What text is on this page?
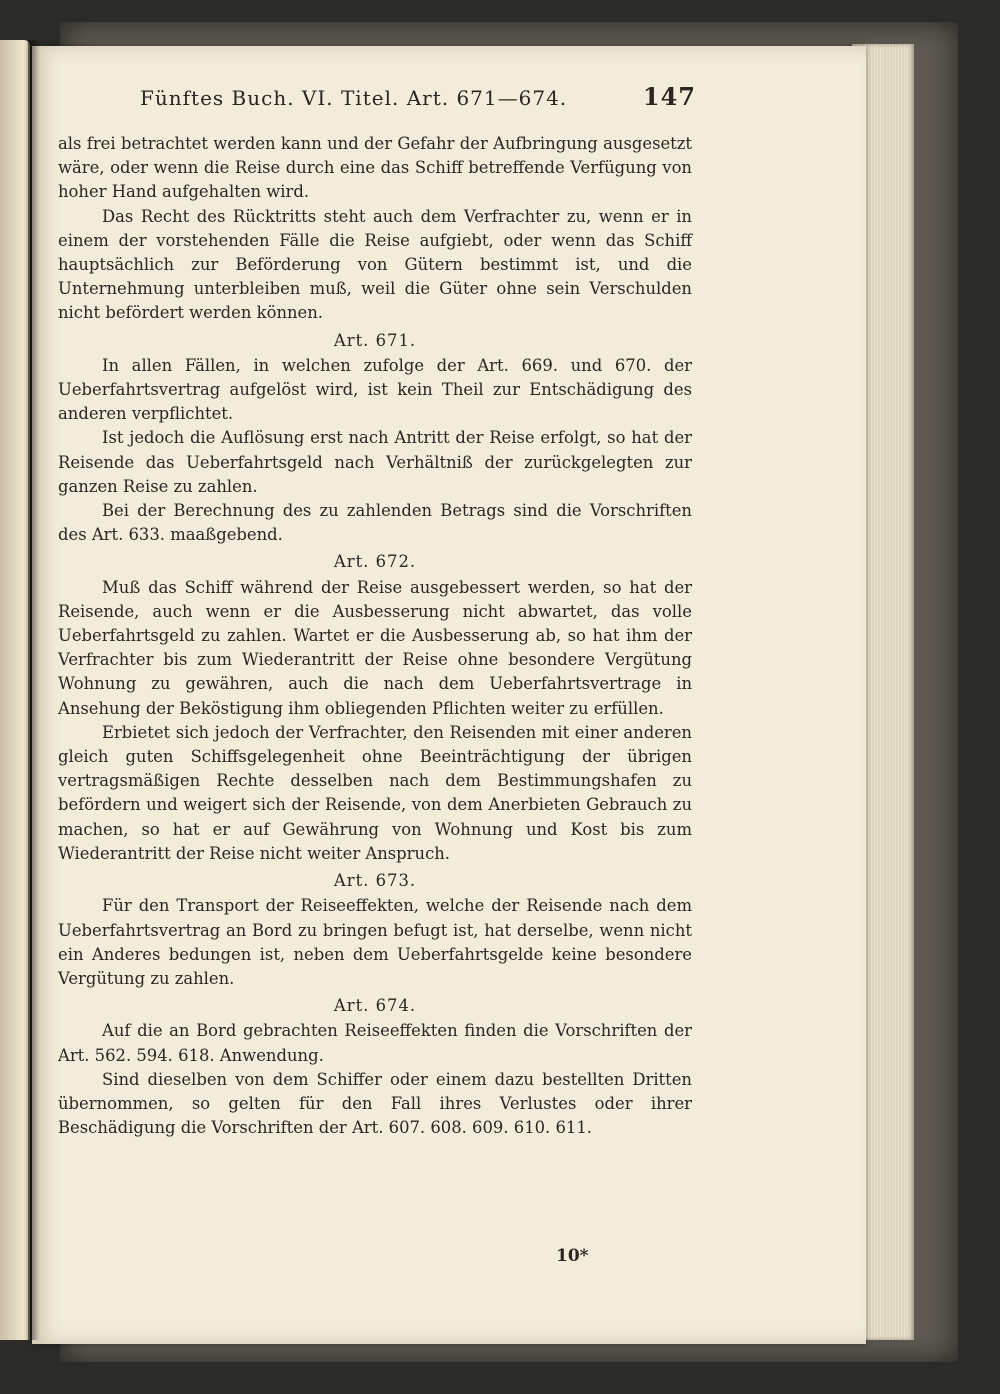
Fünftes Buch. VI. Titel. Art. 671—674.	147

als frei betrachtet werden kann und der Gefahr der Aufbringung ausgesetzt wäre, oder wenn die Reise durch eine das Schiff betreffende Verfügung von hoher Hand aufgehalten wird.

Das Recht des Rücktritts steht auch dem Verfrachter zu, wenn er in einem der vorstehenden Fälle die Reise aufgiebt, oder wenn das Schiff hauptsächlich zur Beförderung von Gütern bestimmt ist, und die Unternehmung unterbleiben muß, weil die Güter ohne sein Verschulden nicht befördert werden können.

Art. 671.

In allen Fällen, in welchen zufolge der Art. 669. und 670. der Ueberfahrtsvertrag aufgelöst wird, ist kein Theil zur Entschädigung des anderen verpflichtet.

Ist jedoch die Auflösung erst nach Antritt der Reise erfolgt, so hat der Reisende das Ueberfahrtsgeld nach Verhältniß der zurückgelegten zur ganzen Reise zu zahlen.

Bei der Berechnung des zu zahlenden Betrags sind die Vorschriften des Art. 633. maaßgebend.

Art. 672.

Muß das Schiff während der Reise ausgebessert werden, so hat der Reisende, auch wenn er die Ausbesserung nicht abwartet, das volle Ueberfahrtsgeld zu zahlen. Wartet er die Ausbesserung ab, so hat ihm der Verfrachter bis zum Wiederantritt der Reise ohne besondere Vergütung Wohnung zu gewähren, auch die nach dem Ueberfahrtsvertrage in Ansehung der Beköstigung ihm obliegenden Pflichten weiter zu erfüllen.

Erbietet sich jedoch der Verfrachter, den Reisenden mit einer anderen gleich guten Schiffsgelegenheit ohne Beeinträchtigung der übrigen vertragsmäßigen Rechte desselben nach dem Bestimmungshafen zu befördern und weigert sich der Reisende, von dem Anerbieten Gebrauch zu machen, so hat er auf Gewährung von Wohnung und Kost bis zum Wiederantritt der Reise nicht weiter Anspruch.

Art. 673.

Für den Transport der Reiseeffekten, welche der Reisende nach dem Ueberfahrtsvertrag an Bord zu bringen befugt ist, hat derselbe, wenn nicht ein Anderes bedungen ist, neben dem Ueberfahrtsgelde keine besondere Vergütung zu zahlen.

Art. 674.

Auf die an Bord gebrachten Reiseeffekten finden die Vorschriften der Art. 562. 594. 618. Anwendung.

Sind dieselben von dem Schiffer oder einem dazu bestellten Dritten übernommen, so gelten für den Fall ihres Verlustes oder ihrer Beschädigung die Vorschriften der Art. 607. 608. 609. 610. 611.

10*
